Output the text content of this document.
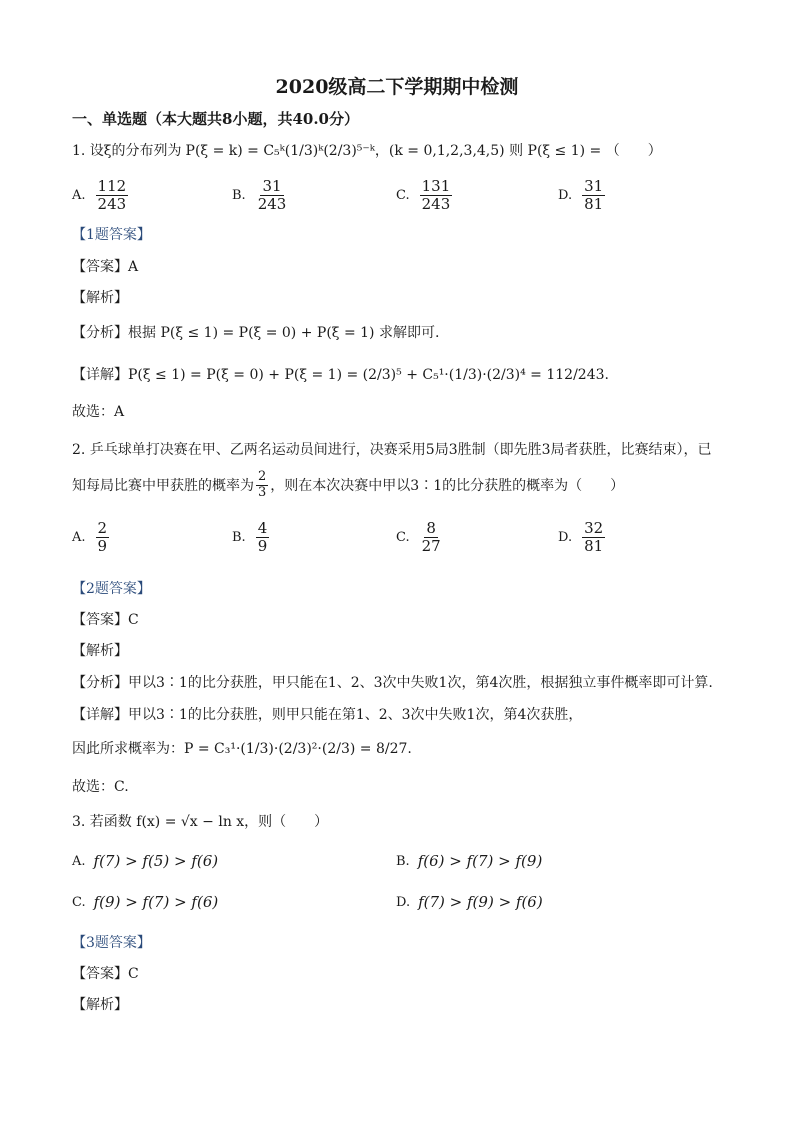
2020级高二下学期期中检测
一、单选题（本大题共8小题，共40.0分）
1. 设ξ的分布列为 P(ξ = k) = C₅ᵏ(1/3)ᵏ(2/3)⁵⁻ᵏ，(k = 0,1,2,3,4,5) 则 P(ξ ≤ 1) = （　　）
A. $\frac{112}{243}$	B. $\frac{31}{243}$	C. $\frac{131}{243}$	D. $\frac{31}{81}$
【1题答案】
【答案】A
【解析】
【分析】根据 P(ξ ≤ 1) = P(ξ = 0) + P(ξ = 1) 求解即可.
【详解】P(ξ ≤ 1) = P(ξ = 0) + P(ξ = 1) = (2/3)⁵ + C₅¹·(1/3)·(2/3)⁴ = 112/243.
故选：A
2. 乒乓球单打决赛在甲、乙两名运动员间进行，决赛采用5局3胜制（即先胜3局者获胜，比赛结束），已
知每局比赛中甲获胜的概率为 $\frac{2}{3}$ ，则在本次决赛中甲以3∶1的比分获胜的概率为（　　）
A. $\frac{2}{9}$	B. $\frac{4}{9}$	C. $\frac{8}{27}$	D. $\frac{32}{81}$
【2题答案】
【答案】C
【解析】
【分析】甲以3∶1的比分获胜，甲只能在1、2、3次中失败1次，第4次胜，根据独立事件概率即可计算.
【详解】甲以3∶1的比分获胜，则甲只能在第1、2、3次中失败1次，第4次获胜，
因此所求概率为：P = C₃¹·(1/3)·(2/3)²·(2/3) = 8/27.
故选：C.
3. 若函数 f(x) = √x − ln x，则（　　）
A. f(7) > f(5) > f(6)	B. f(6) > f(7) > f(9)
C. f(9) > f(7) > f(6)	D. f(7) > f(9) > f(6)
【3题答案】
【答案】C
【解析】
